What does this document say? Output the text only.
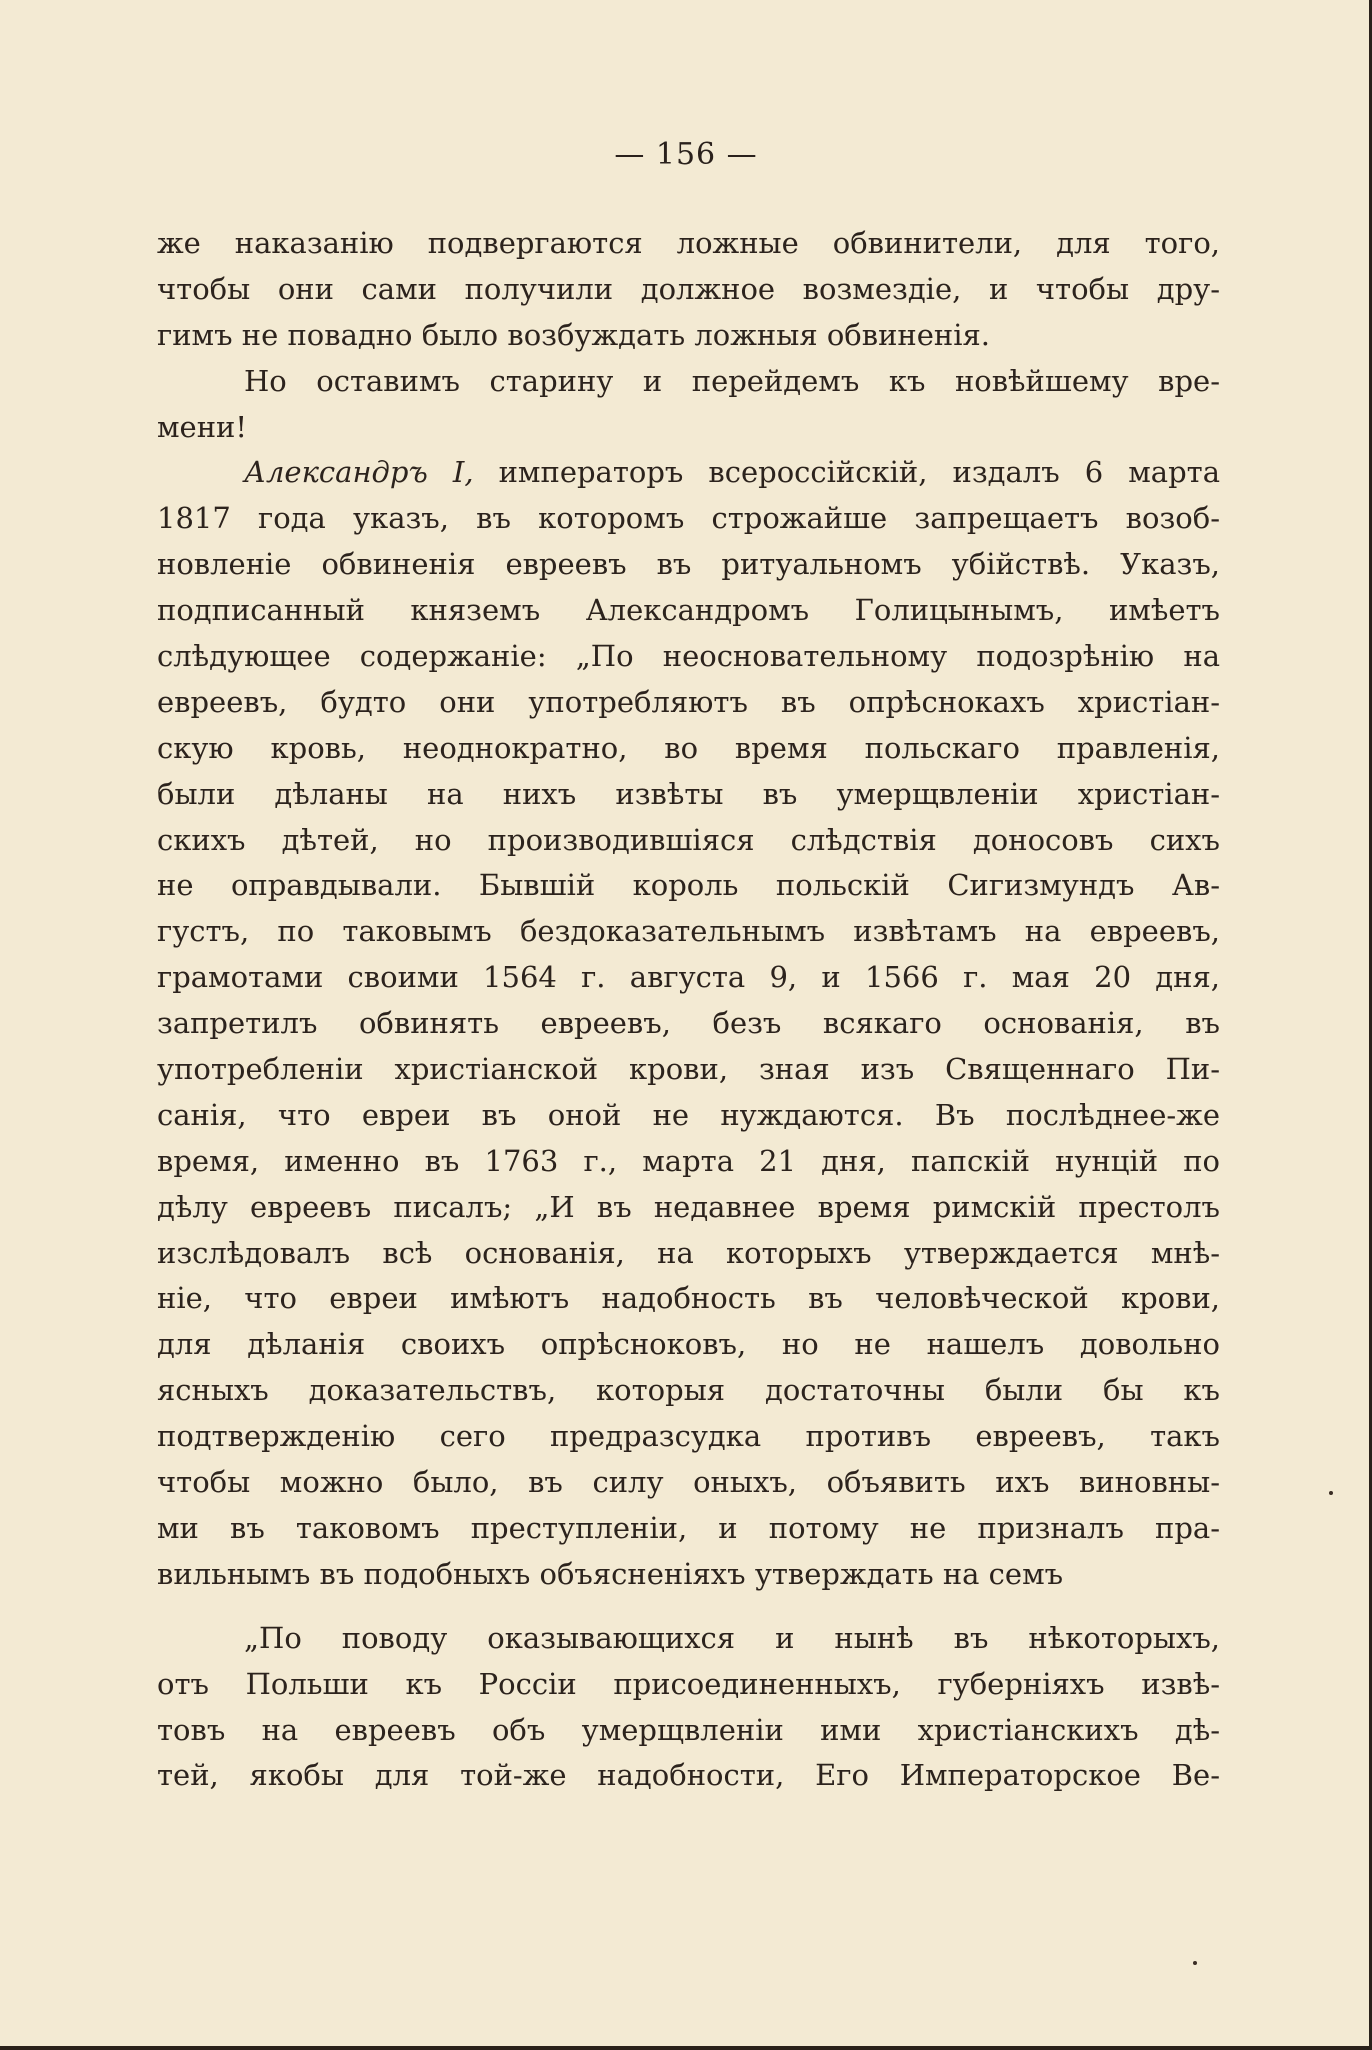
— 156 —
же наказанію подвергаются ложные обвинители, для того,
чтобы они сами получили должное возмездіе, и чтобы дру-
гимъ не повадно было возбуждать ложныя обвиненія.
Но оставимъ старину и перейдемъ къ новѣйшему вре-
мени!
Александръ I, императоръ всероссійскій, издалъ 6 марта
1817 года указъ, въ которомъ строжайше запрещаетъ возоб-
новленіе обвиненія евреевъ въ ритуальномъ убійствѣ. Указъ,
подписанный княземъ Александромъ Голицынымъ, имѣетъ
слѣдующее содержаніе: „По неосновательному подозрѣнію на
евреевъ, будто они употребляютъ въ опрѣснокахъ христіан-
скую кровь, неоднократно, во время польскаго правленія,
были дѣланы на нихъ извѣты въ умерщвленіи христіан-
скихъ дѣтей, но производившіяся слѣдствія доносовъ сихъ
не оправдывали. Бывшій король польскій Сигизмундъ Ав-
густъ, по таковымъ бездоказательнымъ извѣтамъ на евреевъ,
грамотами своими 1564 г. августа 9, и 1566 г. мая 20 дня,
запретилъ обвинять евреевъ, безъ всякаго основанія, въ
употребленіи христіанской крови, зная изъ Священнаго Пи-
санія, что евреи въ оной не нуждаются. Въ послѣднее-же
время, именно въ 1763 г., марта 21 дня, папскій нунцій по
дѣлу евреевъ писалъ; „И въ недавнее время римскій престолъ
изслѣдовалъ всѣ основанія, на которыхъ утверждается мнѣ-
ніе, что евреи имѣютъ надобность въ человѣческой крови,
для дѣланія своихъ опрѣсноковъ, но не нашелъ довольно
ясныхъ доказательствъ, которыя достаточны были бы къ
подтвержденію сего предразсудка противъ евреевъ, такъ
чтобы можно было, въ силу оныхъ, объявить ихъ виновны-
ми въ таковомъ преступленіи, и потому не призналъ пра-
вильнымъ въ подобныхъ объясненіяхъ утверждать на семъ
„По поводу оказывающихся и нынѣ въ нѣкоторыхъ,
отъ Польши къ Россіи присоединенныхъ, губерніяхъ извѣ-
товъ на евреевъ объ умерщвленіи ими христіанскихъ дѣ-
тей, якобы для той-же надобности, Его Императорское Ве-
